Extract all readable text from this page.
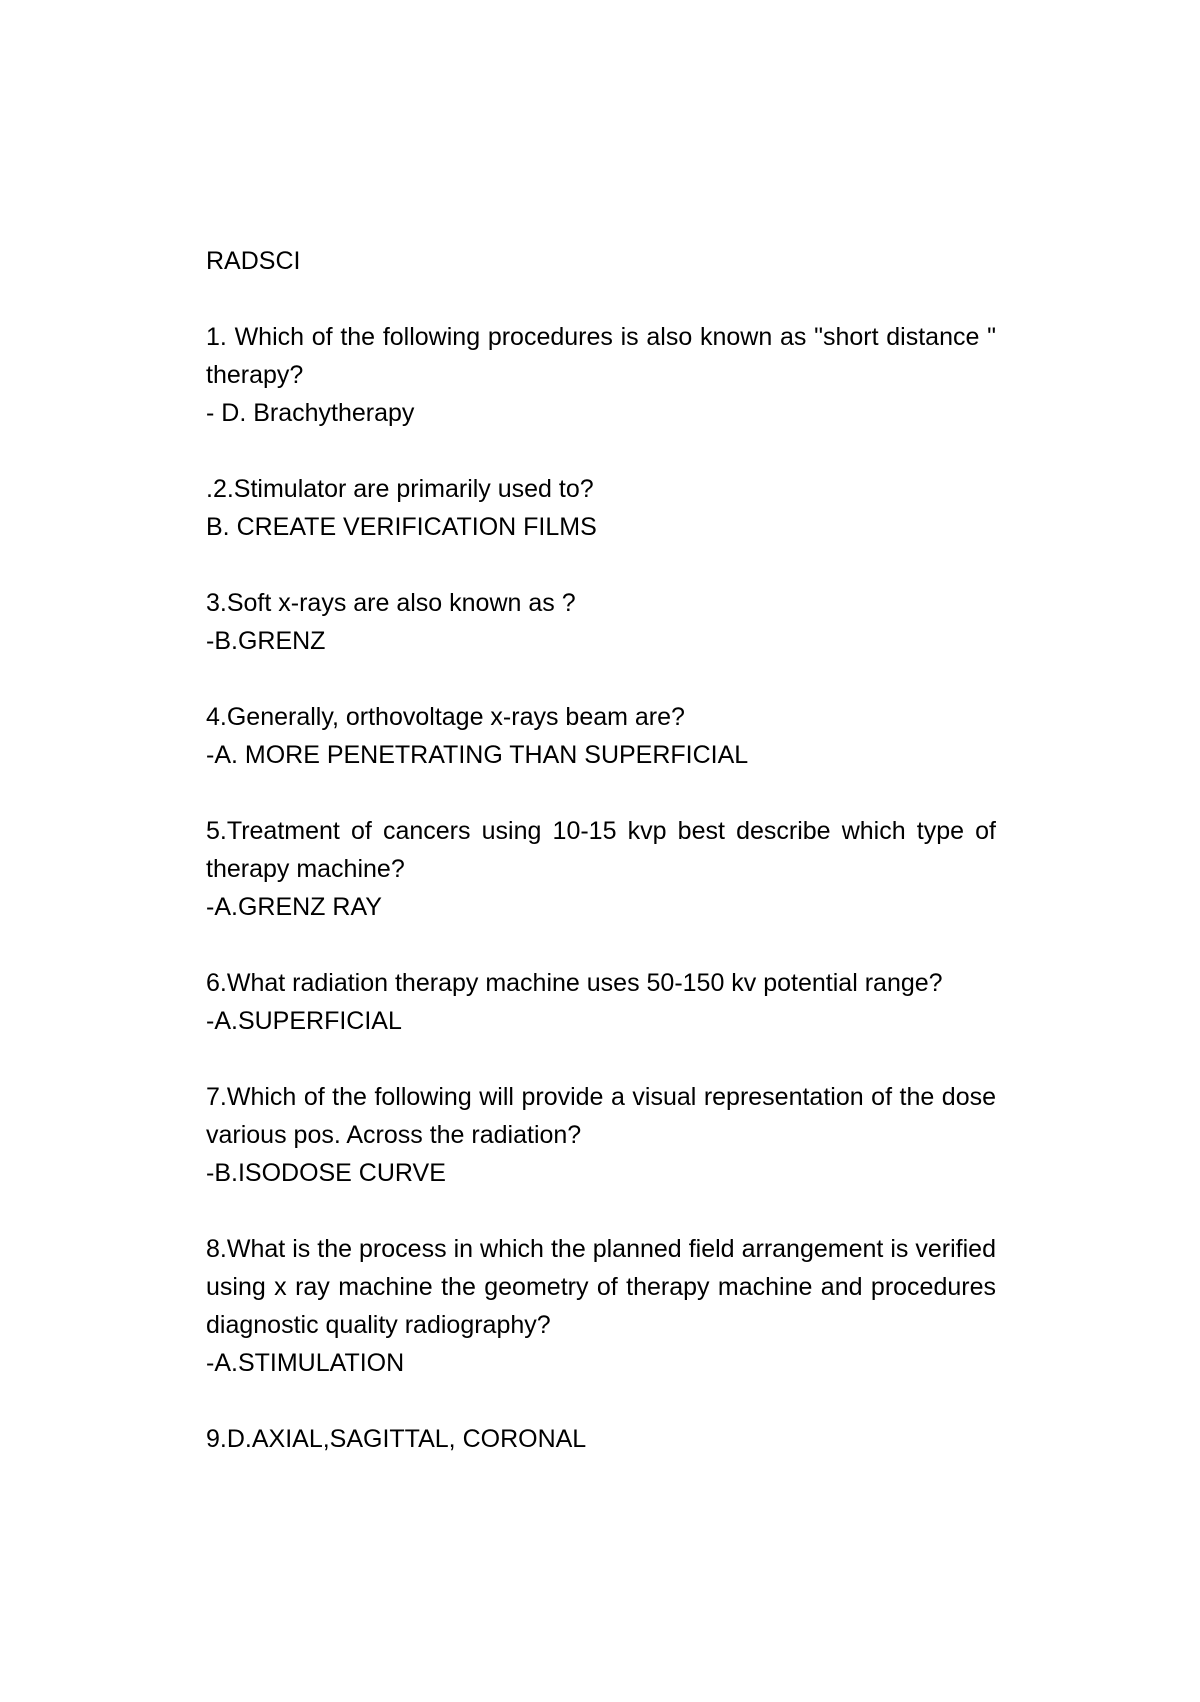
RADSCI

1. Which of the following procedures is also known as "short distance " therapy?

- D. Brachytherapy

.2.Stimulator are primarily used to?

B. CREATE VERIFICATION FILMS

3.Soft x-rays are also known as ?

-B.GRENZ

4.Generally, orthovoltage x-rays beam are?

-A. MORE PENETRATING THAN SUPERFICIAL

5.Treatment of cancers using 10-15 kvp best describe which type of therapy machine?

-A.GRENZ RAY

6.What radiation therapy machine uses 50-150 kv potential range?

-A.SUPERFICIAL

7.Which of the following will provide a visual representation of the dose various pos. Across the radiation?

-B.ISODOSE CURVE

8.What is the process in which the planned field arrangement is verified using x ray machine the geometry of therapy machine and procedures diagnostic quality radiography?

-A.STIMULATION

9.D.AXIAL,SAGITTAL, CORONAL
